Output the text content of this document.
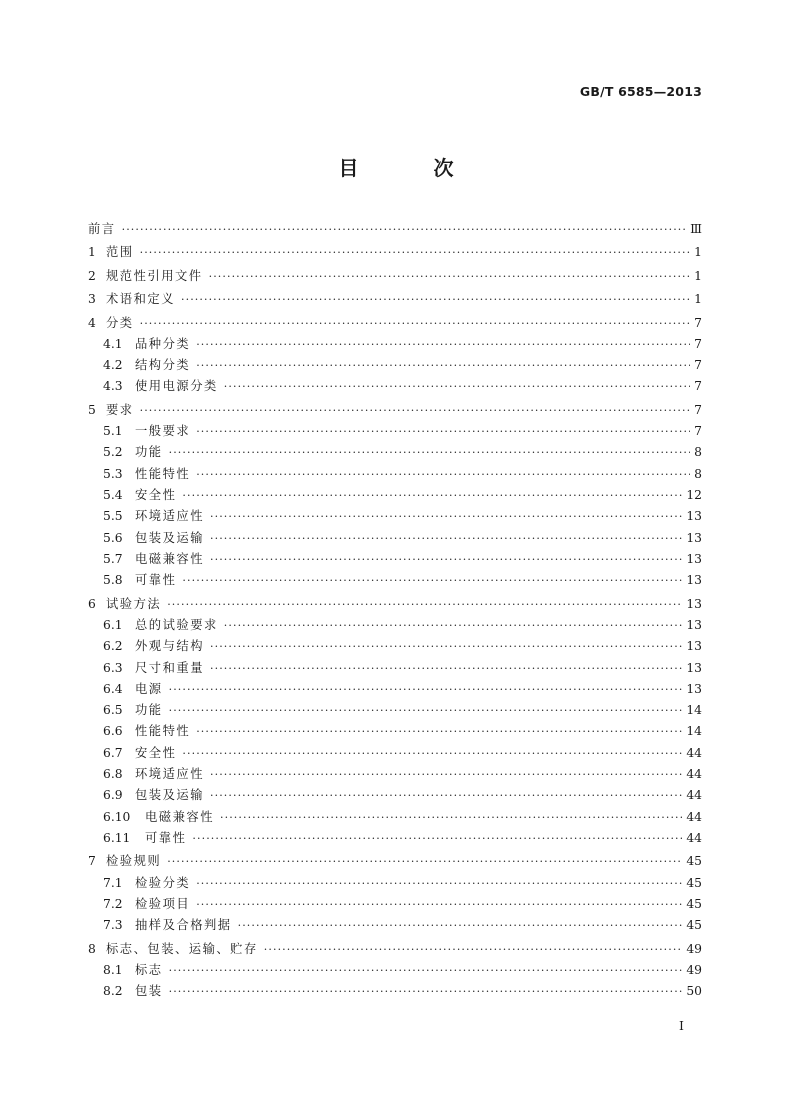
GB/T 6585—2013
目 次
前言 ·····	Ⅲ
1 范围 ·····	1
2 规范性引用文件 ·····	1
3 术语和定义 ·····	1
4 分类 ·····	7
4.1	品种分类 ·····	7
4.2	结构分类 ·····	7
4.3	使用电源分类 ·····	7
5 要求 ·····	7
5.1	一般要求 ·····	7
5.2	功能 ·····	8
5.3	性能特性 ·····	8
5.4	安全性 ·····	12
5.5	环境适应性 ·····	13
5.6	包装及运输 ·····	13
5.7	电磁兼容性 ·····	13
5.8	可靠性 ·····	13
6 试验方法 ·····	13
6.1	总的试验要求 ·····	13
6.2	外观与结构 ·····	13
6.3	尺寸和重量 ·····	13
6.4	电源 ·····	13
6.5	功能 ·····	14
6.6	性能特性 ·····	14
6.7	安全性 ·····	44
6.8	环境适应性 ·····	44
6.9	包装及运输 ·····	44
6.10	电磁兼容性 ·····	44
6.11	可靠性 ·····	44
7 检验规则 ·····	45
7.1	检验分类 ·····	45
7.2	检验项目 ·····	45
7.3	抽样及合格判据 ·····	45
8 标志、包装、运输、贮存 ·····	49
8.1	标志 ·····	49
8.2	包装 ·····	50
I
